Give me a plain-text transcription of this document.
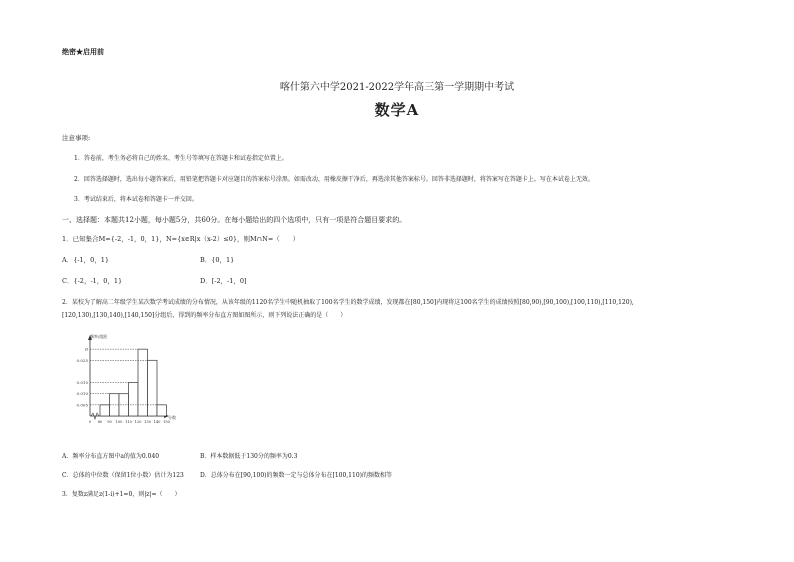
绝密★启用前
喀什第六中学2021-2022学年高三第一学期期中考试
数学A
注意事项:
1．答卷前，考生务必将自己的姓名、考生号等填写在答题卡和试卷指定位置上。
2．回答选择题时，选出每小题答案后，用铅笔把答题卡对应题目的答案标号涂黑。如需改动，用橡皮擦干净后，再选涂其他答案标号。回答非选择题时，将答案写在答题卡上。写在本试卷上无效。
3．考试结束后，将本试卷和答题卡一并交回。
一、选择题：本题共12小题，每小题5分，共60分。在每小题给出的四个选项中，只有一项是符合题目要求的。
1．已知集合M={-2，-1，0，1}，N={x∈R|x（x-2）≤0}，则M∩N=（　　）
A．{-1，0，1}	B．{0，1}
C．{-2，-1，0，1}	D．[-2，-1，0]
2．某校为了解高二年级学生某次数学考试成绩的分布情况，从该年级的1120名学生中随机抽取了100名学生的数学成绩，发现都在[80,150]内现将这100名学生的成绩按照[80,90),[90,100),[100,110),[110,120),
[120,130),[130,140),[140,150]分组后，得到的频率分布直方图如图所示，则下列说法正确的是（　　）
频率/组距
分数
a
0.025
0.015
0.010
0.005
0 80 90 100 110 120 130 140 150
A．频率分布直方图中a的值为0.040	B．样本数据低于130分的频率为0.3
C．总体的中位数（保留1位小数）估计为123	D．总体分布在[90,100)的频数一定与总体分布在[100,110)的频数相等
3．复数z满足z(1-i)+1=0，则|z|=（　　）
